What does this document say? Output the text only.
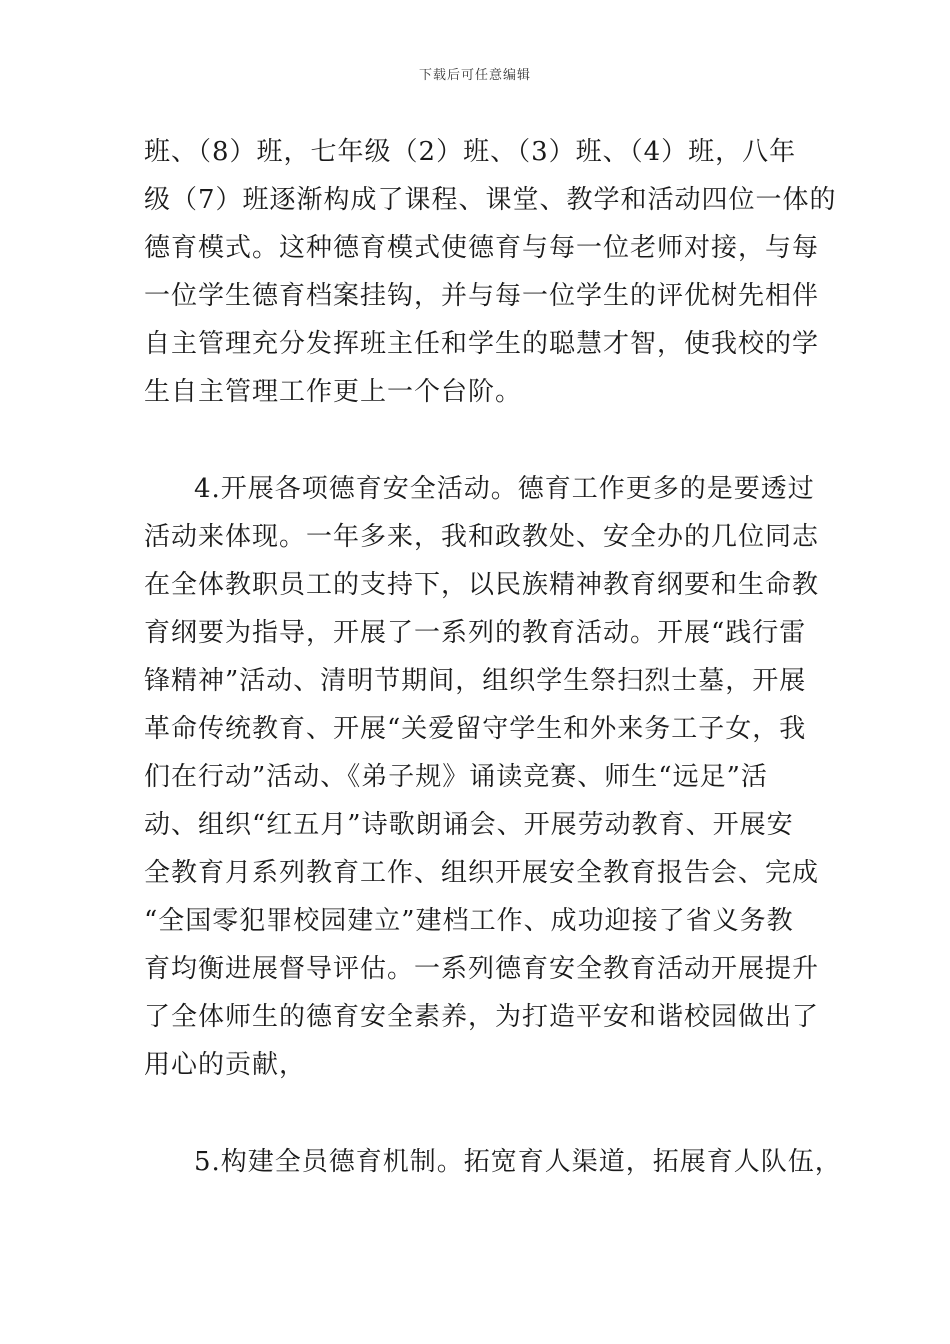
下载后可任意编辑
班、（8）班，七年级（2）班、（3）班、（4）班，八年
级（7）班逐渐构成了课程、课堂、教学和活动四位一体的
德育模式。这种德育模式使德育与每一位老师对接，与每
一位学生德育档案挂钩，并与每一位学生的评优树先相伴
自主管理充分发挥班主任和学生的聪慧才智，使我校的学
生自主管理工作更上一个台阶。
4.开展各项德育安全活动。德育工作更多的是要透过
活动来体现。一年多来，我和政教处、安全办的几位同志
在全体教职员工的支持下，以民族精神教育纲要和生命教
育纲要为指导，开展了一系列的教育活动。开展“践行雷
锋精神”活动、清明节期间，组织学生祭扫烈士墓，开展
革命传统教育、开展“关爱留守学生和外来务工子女，我
们在行动”活动、《弟子规》诵读竞赛、师生“远足”活
动、组织“红五月”诗歌朗诵会、开展劳动教育、开展安
全教育月系列教育工作、组织开展安全教育报告会、完成
“全国零犯罪校园建立”建档工作、成功迎接了省义务教
育均衡进展督导评估。一系列德育安全教育活动开展提升
了全体师生的德育安全素养，为打造平安和谐校园做出了
用心的贡献，
5.构建全员德育机制。拓宽育人渠道，拓展育人队伍，
